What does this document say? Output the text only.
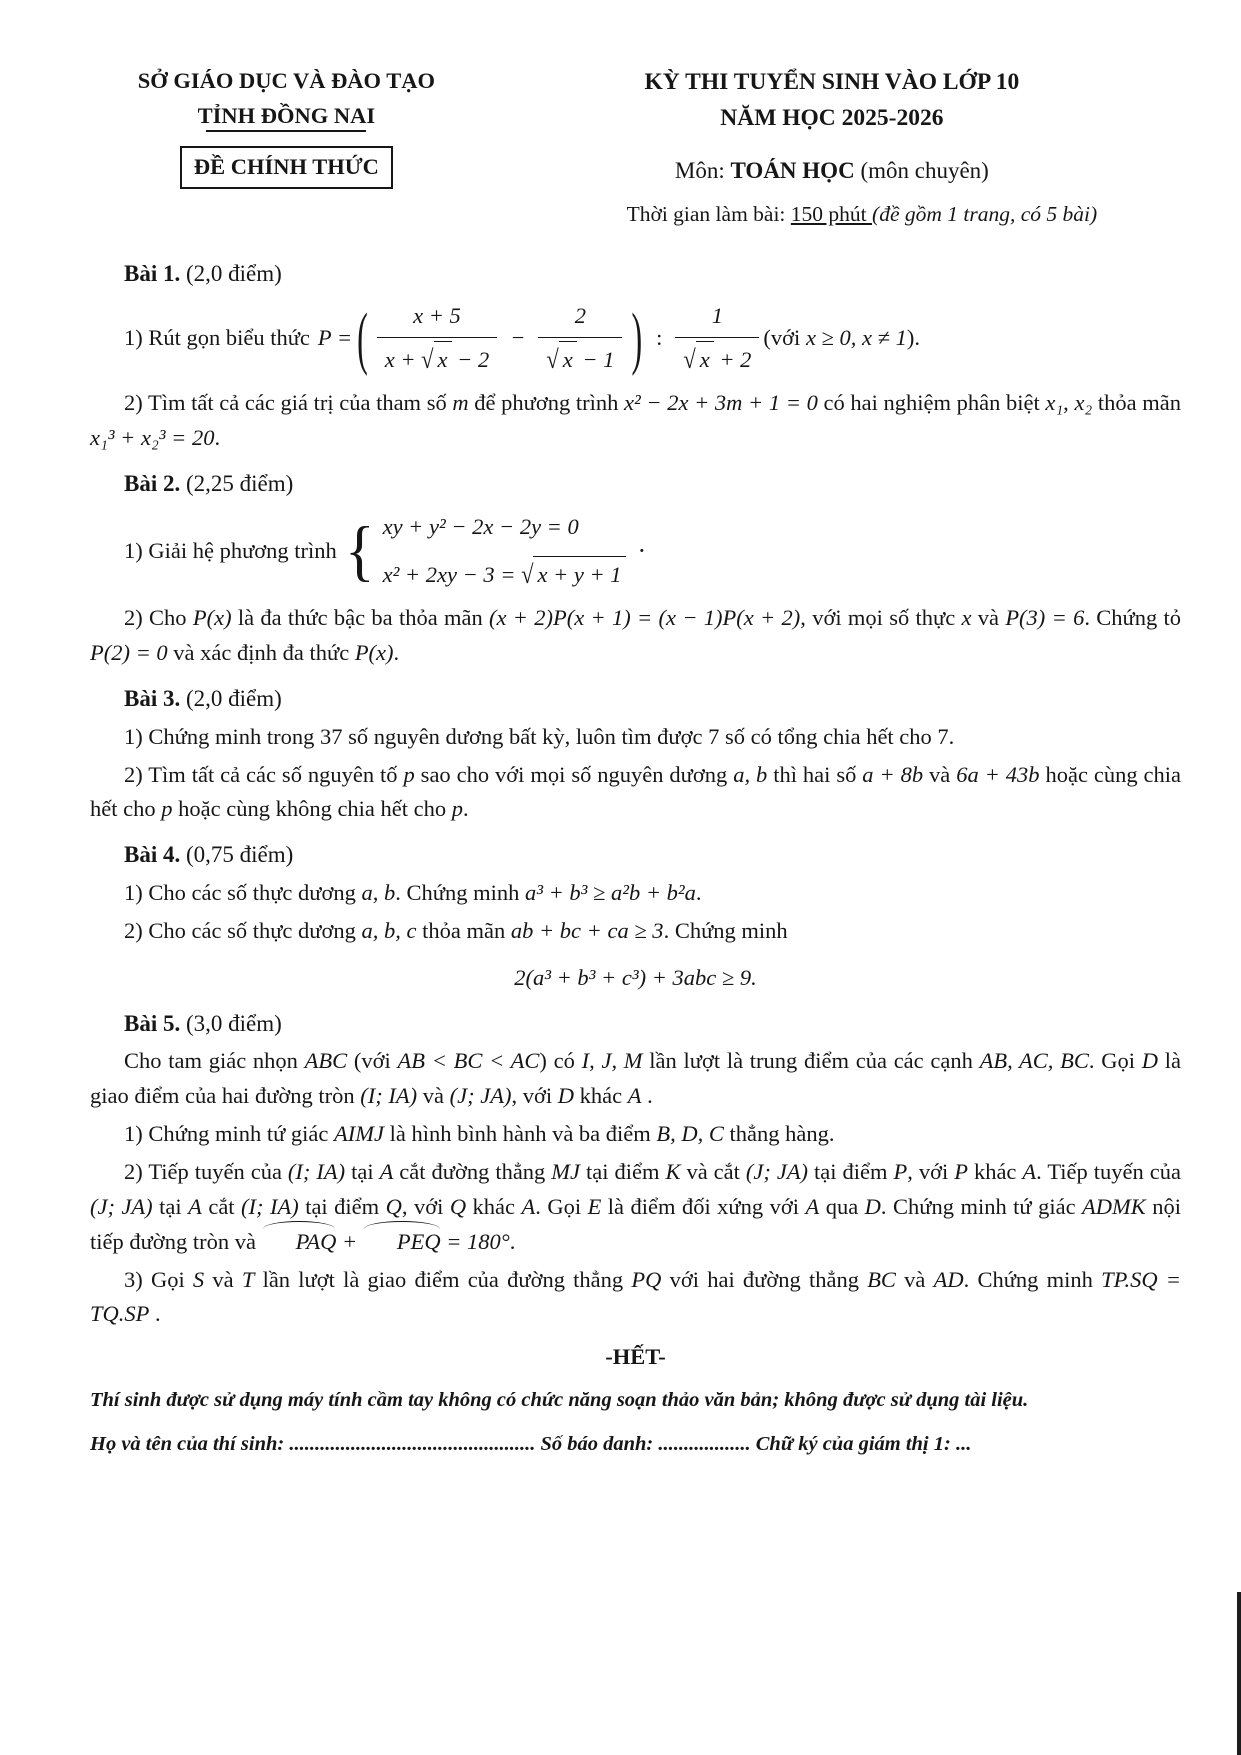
SỞ GIÁO DỤC VÀ ĐÀO TẠO
TỈNH ĐỒNG NAI
ĐỀ CHÍNH THỨC
KỲ THI TUYỂN SINH VÀO LỚP 10
NĂM HỌC 2025-2026
Môn: TOÁN HỌC (môn chuyên)
Thời gian làm bài: 150 phút (đề gồm 1 trang, có 5 bài)
Bài 1. (2,0 điểm)
1) Rút gọn biểu thức P = ( $\frac{x + 5}{x + √ x - 2} - \frac{2}{√ x - 1}$ ) : $\frac{1}{√ x + 2}$ (với x ≥ 0, x ≠ 1).

2) Tìm tất cả các giá trị của tham số m để phương trình x² − 2x + 3m + 1 = 0 có hai nghiệm phân biệt x₁, x₂ thỏa mãn x₁³ + x₂³ = 20.

Bài 2. (2,25 điểm)
1) Giải hệ phương trình { xy + y² − 2x − 2y = 0
x² + 2xy − 3 = √ x + y + 1
·

2) Cho P(x) là đa thức bậc ba thỏa mãn (x + 2)P(x + 1) = (x − 1)P(x + 2), với mọi số thực x và P(3) = 6. Chứng tỏ P(2) = 0 và xác định đa thức P(x).

Bài 3. (2,0 điểm)

1) Chứng minh trong 37 số nguyên dương bất kỳ, luôn tìm được 7 số có tổng chia hết cho 7.

2) Tìm tất cả các số nguyên tố p sao cho với mọi số nguyên dương a, b thì hai số a + 8b và 6a + 43b hoặc cùng chia hết cho p hoặc cùng không chia hết cho p.

Bài 4. (0,75 điểm)

1) Cho các số thực dương a, b. Chứng minh a³ + b³ ≥ a²b + b²a.

2) Cho các số thực dương a, b, c thỏa mãn ab + bc + ca ≥ 3. Chứng minh

2(a³ + b³ + c³) + 3abc ≥ 9.
Bài 5. (3,0 điểm)

Cho tam giác nhọn ABC (với AB < BC < AC) có I, J, M lần lượt là trung điểm của các cạnh AB, AC, BC. Gọi D là giao điểm của hai đường tròn (I; IA) và (J; JA), với D khác A .

1) Chứng minh tứ giác AIMJ là hình bình hành và ba điểm B, D, C thẳng hàng.

2) Tiếp tuyến của (I; IA) tại A cắt đường thẳng MJ tại điểm K và cắt (J; JA) tại điểm P, với P khác A. Tiếp tuyến của (J; JA) tại A cắt (I; IA) tại điểm Q, với Q khác A. Gọi E là điểm đối xứng với A qua D. Chứng minh tứ giác ADMK nội tiếp đường tròn và PAQ + PEQ = 180°.

3) Gọi S và T lần lượt là giao điểm của đường thẳng PQ với hai đường thẳng BC và AD. Chứng minh TP.SQ = TQ.SP .

-HẾT-
Thí sinh được sử dụng máy tính cầm tay không có chức năng soạn thảo văn bản; không được sử dụng tài liệu.
Họ và tên của thí sinh: ................................................ Số báo danh: .................. Chữ ký của giám thị 1: ...
